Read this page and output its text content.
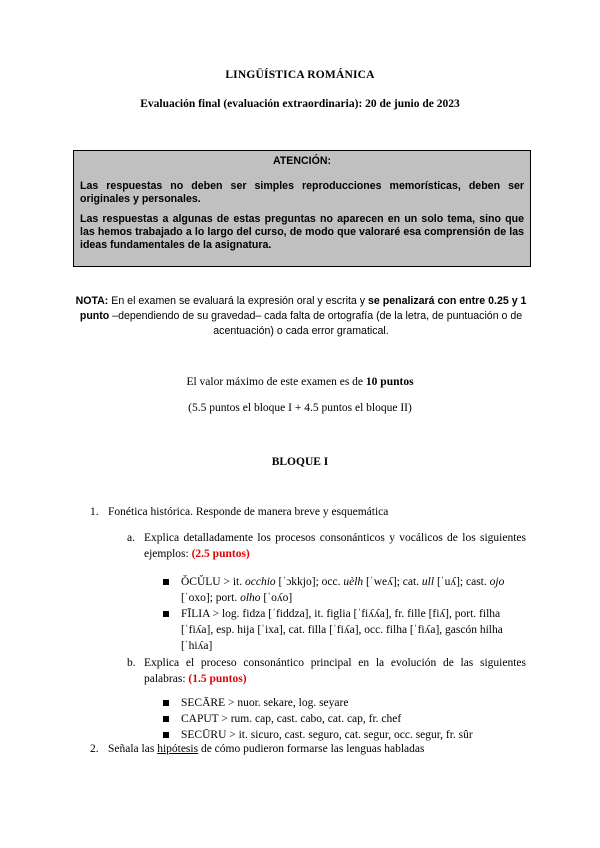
LINGÜÍSTICA ROMÁNICA
Evaluación final (evaluación extraordinaria): 20 de junio de 2023
ATENCIÓN:

Las respuestas no deben ser simples reproducciones memorísticas, deben ser originales y personales.

Las respuestas a algunas de estas preguntas no aparecen en un solo tema, sino que las hemos trabajado a lo largo del curso, de modo que valoraré esa comprensión de las ideas fundamentales de la asignatura.

NOTA: En el examen se evaluará la expresión oral y escrita y se penalizará con entre 0.25 y 1 punto –dependiendo de su gravedad– cada falta de ortografía (de la letra, de puntuación o de acentuación) o cada error gramatical.
El valor máximo de este examen es de 10 puntos
(5.5 puntos el bloque I + 4.5 puntos el bloque II)
BLOQUE I
1. Fonética histórica. Responde de manera breve y esquemática
a. Explica detalladamente los procesos consonánticos y vocálicos de los siguientes ejemplos: (2.5 puntos)
ŎCŬLU > it. occhio [ˈɔkkjo]; occ. uèlh [ˈweʎ]; cat. ull [ˈuʎ]; cast. ojo [ˈoxo]; port. olho [ˈoʎo]
FĪLIA > log. fidza [ˈfiddza], it. figlia [ˈfiʎʎa], fr. fille [fiʎ], port. filha [ˈfiʎa], esp. hija [ˈixa], cat. filla [ˈfiʎa], occ. filha [ˈfiʎa], gascón hilha [ˈhiʎa]
b. Explica el proceso consonántico principal en la evolución de las siguientes palabras: (1.5 puntos)
SECĀRE > nuor. sekare, log. seyare
CAPUT > rum. cap, cast. cabo, cat. cap, fr. chef
SECŪRU > it. sicuro, cast. seguro, cat. segur, occ. segur, fr. sûr
2. Señala las hipótesis de cómo pudieron formarse las lenguas habladas
